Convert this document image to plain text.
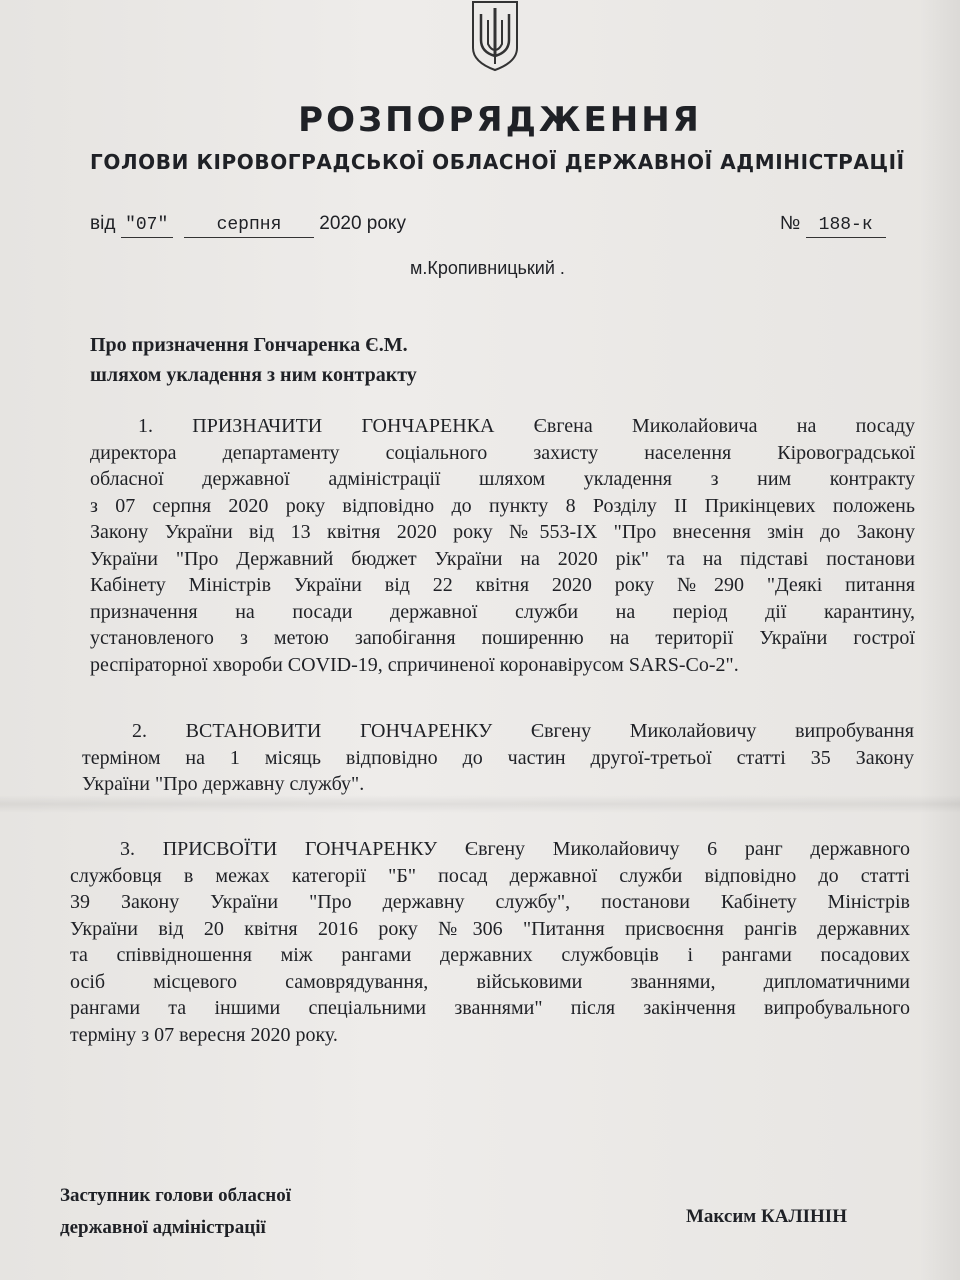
РОЗПОРЯДЖЕННЯ
ГОЛОВИ КІРОВОГРАДСЬКОЇ ОБЛАСНОЇ ДЕРЖАВНОЇ АДМІНІСТРАЦІЇ
від "07"	серпня 2020 року	№ 188-к
м.Кропивницький .
Про призначення Гончаренка Є.М.
шляхом укладення з ним контракту
1. ПРИЗНАЧИТИ ГОНЧАРЕНКА Євгена Миколайовича на посаду
директора департаменту соціального захисту населення Кіровоградської
обласної державної адміністрації шляхом укладення з ним контракту
з 07 серпня 2020 року відповідно до пункту 8 Розділу ІІ Прикінцевих положень
Закону України від 13 квітня 2020 року №553-ІХ "Про внесення змін до Закону
України "Про Державний бюджет України на 2020 рік" та на підставі постанови
Кабінету Міністрів України від 22 квітня 2020 року №290 "Деякі питання
призначення на посади державної служби на період дії карантину,
установленого з метою запобігання поширенню на території України гострої
респіраторної хвороби COVID-19, спричиненої коронавірусом SARS-Co-2".
2. ВСТАНОВИТИ ГОНЧАРЕНКУ Євгену Миколайовичу випробування
терміном на 1 місяць відповідно до частин другої-третьої статті 35 Закону
України "Про державну службу".
3. ПРИСВОЇТИ ГОНЧАРЕНКУ Євгену Миколайовичу 6 ранг державного
службовця в межах категорії "Б" посад державної служби відповідно до статті
39 Закону України "Про державну службу", постанови Кабінету Міністрів
України від 20 квітня 2016 року №306 "Питання присвоєння рангів державних
та співвідношення між рангами державних службовців і рангами посадових
осіб місцевого самоврядування, військовими званнями, дипломатичними
рангами та іншими спеціальними званнями" після закінчення випробувального
терміну з 07 вересня 2020 року.
Заступник голови обласної
державної адміністрації
Максим КАЛІНІН
